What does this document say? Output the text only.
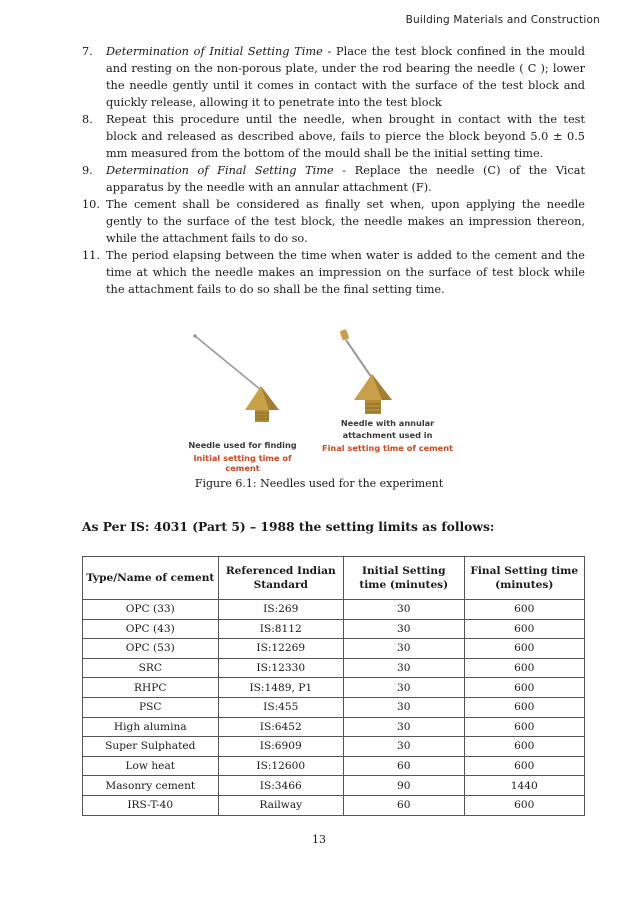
Building Materials and Construction
7. Determination of Initial Setting Time - Place the test block confined in the mould and resting on the non-porous plate, under the rod bearing the needle ( C ); lower the needle gently until it comes in contact with the surface of the test block and quickly release, allowing it to penetrate into the test block
8. Repeat this procedure until the needle, when brought in contact with the test block and released as described above, fails to pierce the block beyond 5.0 ± 0.5 mm measured from the bottom of the mould shall be the initial setting time.
9. Determination of Final Setting Time - Replace the needle (C) of the Vicat apparatus by the needle with an annular attachment (F).
10. The cement shall be considered as finally set when, upon applying the needle gently to the surface of the test block, the needle makes an impression thereon, while the attachment fails to do so.
11. The period elapsing between the time when water is added to the cement and the time at which the needle makes an impression on the surface of test block while the attachment fails to do so shall be the final setting time.
Needle used for finding
Initial setting time of cement
Needle with annular
attachment used in
Final setting time of cement
Figure 6.1: Needles used for the experiment
As Per IS: 4031 (Part 5) – 1988 the setting limits as follows:
Type/Name of cement	Referenced Indian Standard	Initial Setting time (minutes)	Final Setting time (minutes)
OPC (33)	IS:269	30	600
OPC (43)	IS:8112	30	600
OPC (53)	IS:12269	30	600
SRC	IS:12330	30	600
RHPC	IS:1489, P1	30	600
PSC	IS:455	30	600
High alumina	IS:6452	30	600
Super Sulphated	IS:6909	30	600
Low heat	IS:12600	60	600
Masonry cement	IS:3466	90	1440
IRS-T-40	Railway	60	600
13
